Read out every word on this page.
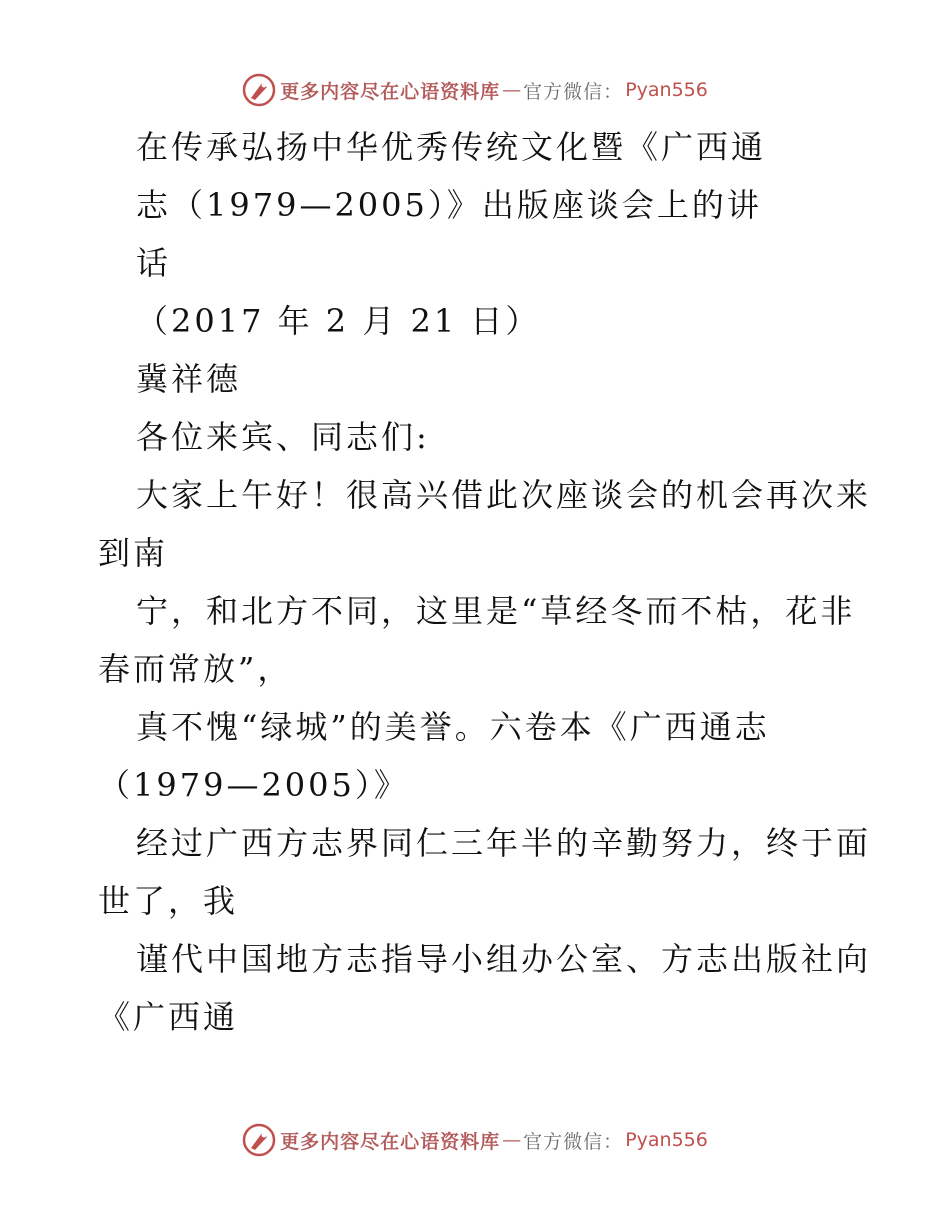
更多内容尽在心语资料库 — 官方微信： Pyan556
在传承弘扬中华优秀传统文化暨《广西通
志（1979—2005）》出版座谈会上的讲
话
（2017 年 2 月 21 日）
冀祥德
各位来宾、同志们:
大家上午好！很高兴借此次座谈会的机会再次来
到南
宁，和北方不同，这里是“草经冬而不枯，花非
春而常放”，
真不愧“绿城”的美誉。六卷本《广西通志
（1979—2005）》
经过广西方志界同仁三年半的辛勤努力，终于面
世了，我
谨代中国地方志指导小组办公室、方志出版社向
《广西通
更多内容尽在心语资料库 — 官方微信： Pyan556
